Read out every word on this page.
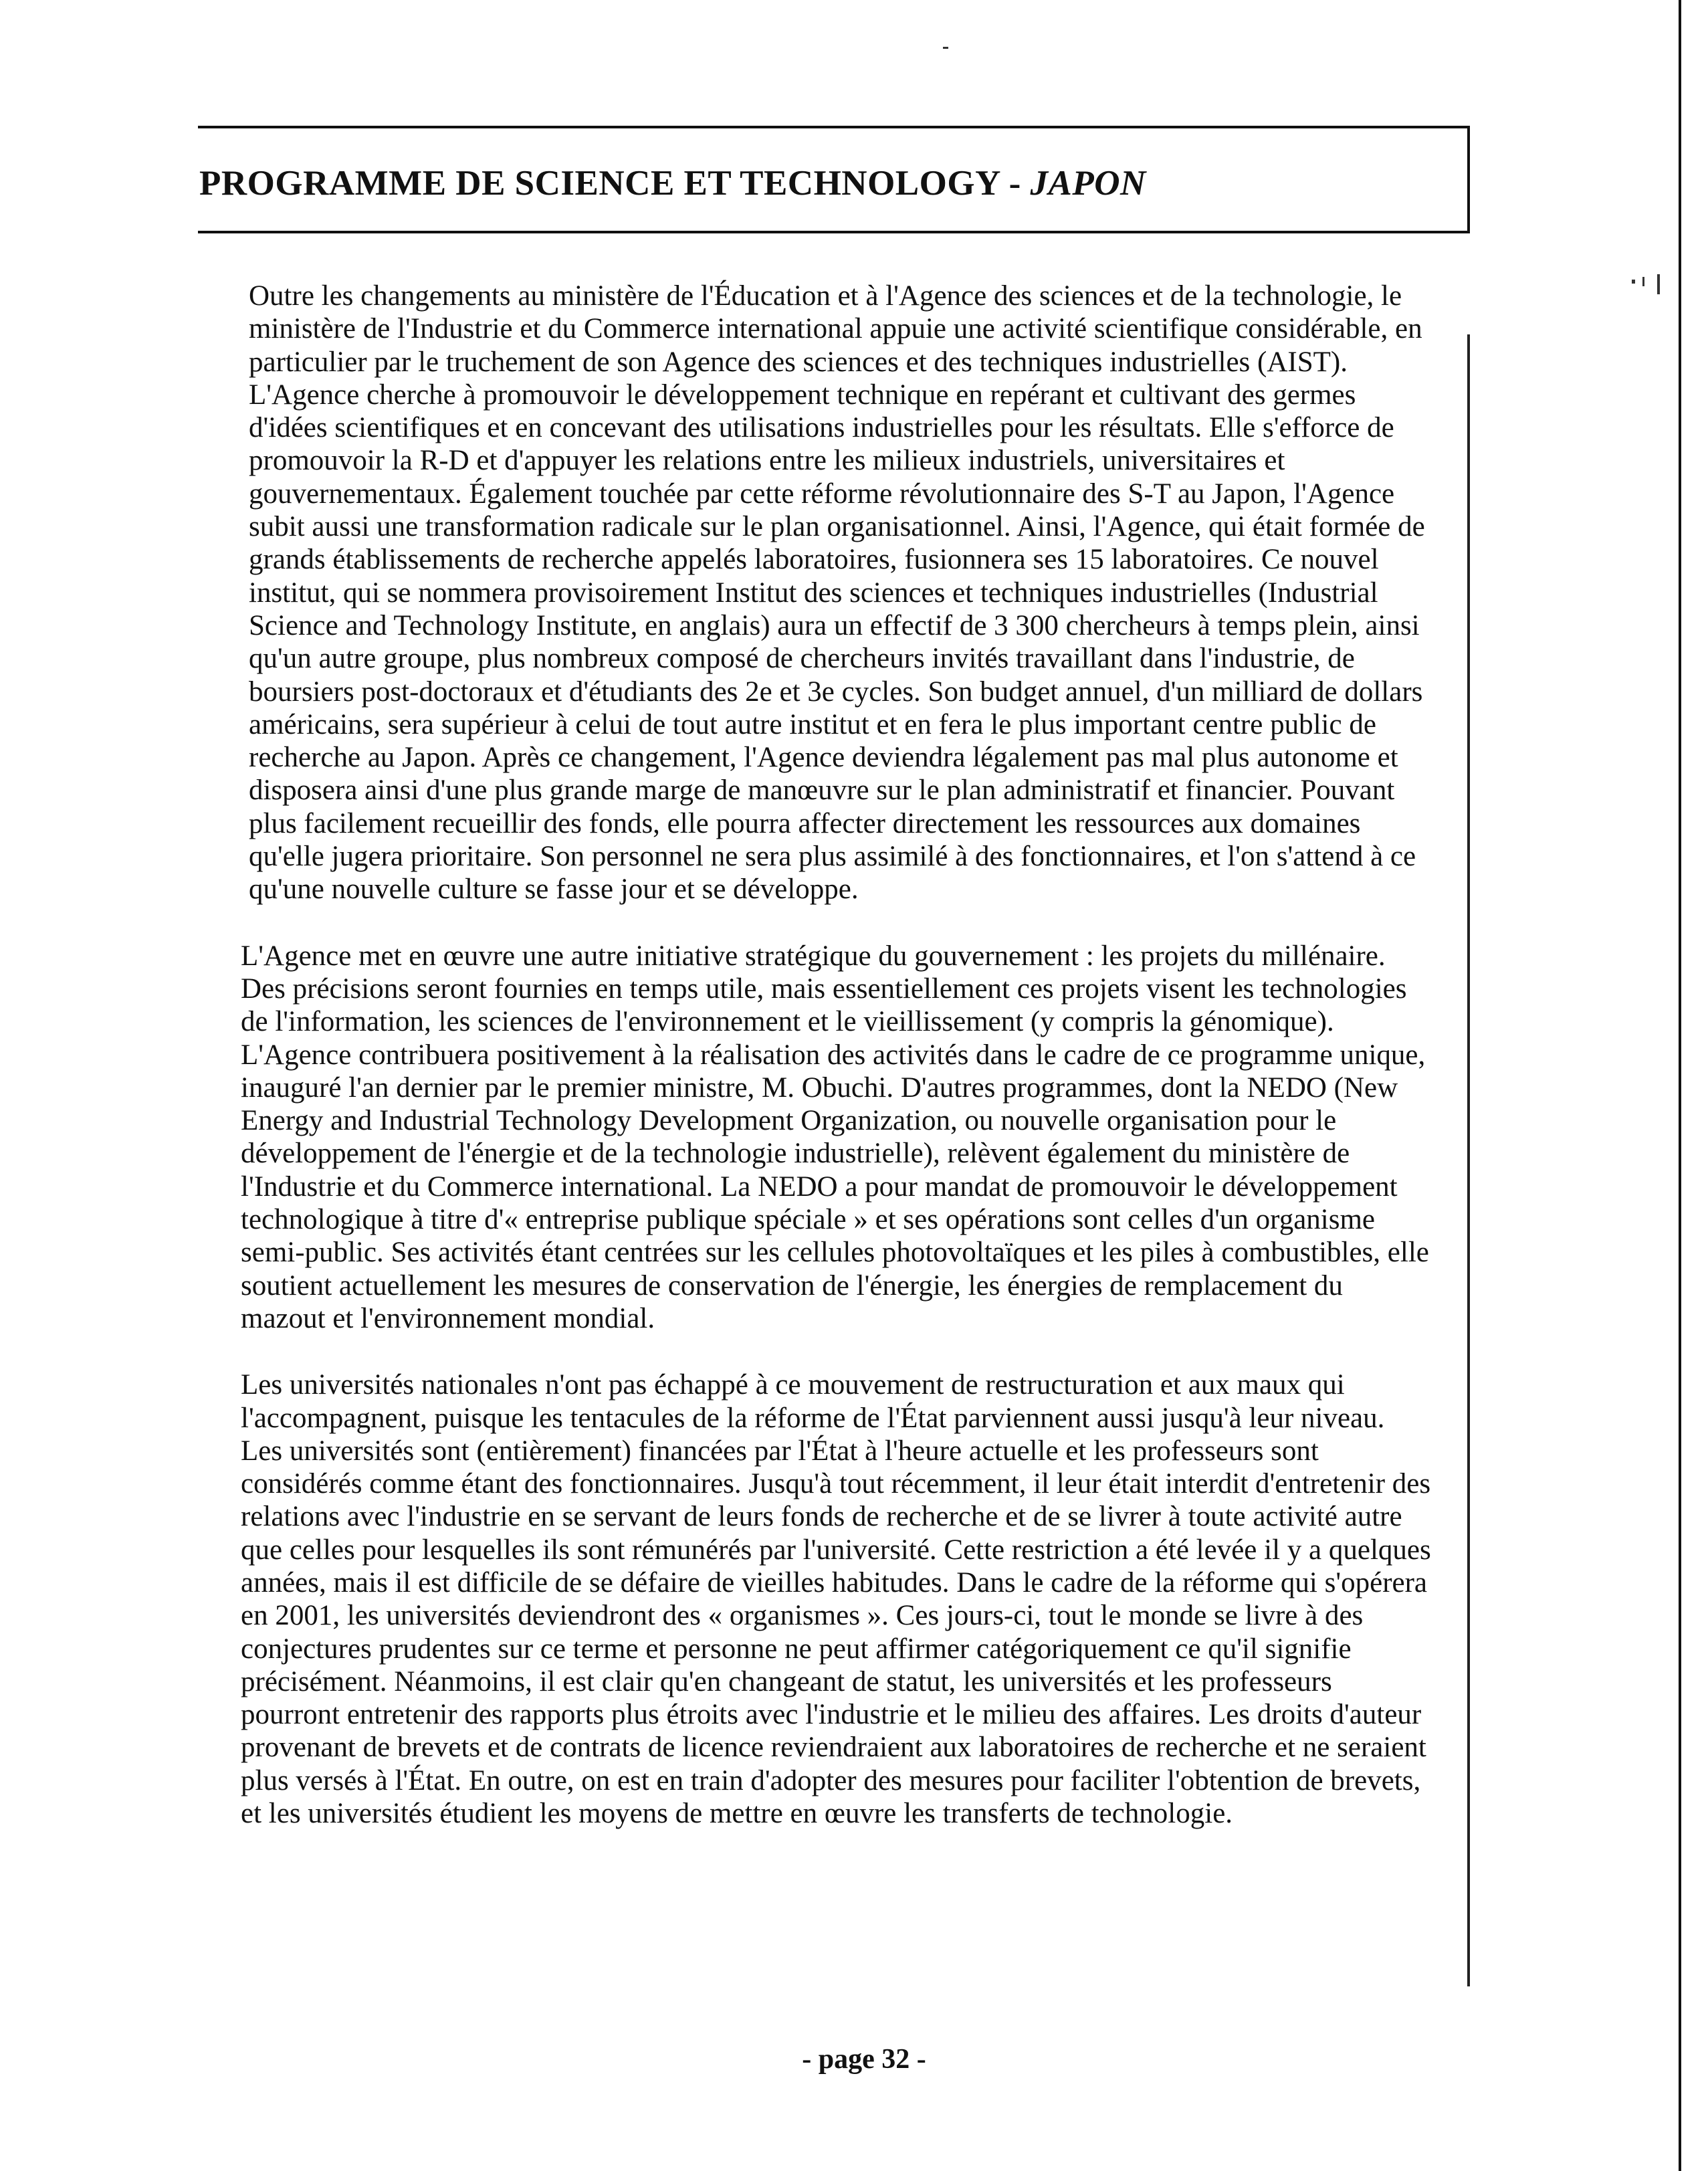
PROGRAMME DE SCIENCE ET TECHNOLOGY - JAPON

Outre les changements au ministère de l'Éducation et à l'Agence des sciences et de la technologie, le ministère de l'Industrie et du Commerce international appuie une activité scientifique considérable, en particulier par le truchement de son Agence des sciences et des techniques industrielles (AIST). L'Agence cherche à promouvoir le développement technique en repérant et cultivant des germes d'idées scientifiques et en concevant des utilisations industrielles pour les résultats. Elle s'efforce de promouvoir la R-D et d'appuyer les relations entre les milieux industriels, universitaires et gouvernementaux. Également touchée par cette réforme révolutionnaire des S-T au Japon, l'Agence subit aussi une transformation radicale sur le plan organisationnel. Ainsi, l'Agence, qui était formée de grands établissements de recherche appelés laboratoires, fusionnera ses 15 laboratoires. Ce nouvel institut, qui se nommera provisoirement Institut des sciences et techniques industrielles (Industrial Science and Technology Institute, en anglais) aura un effectif de 3 300 chercheurs à temps plein, ainsi qu'un autre groupe, plus nombreux composé de chercheurs invités travaillant dans l'industrie, de boursiers post-doctoraux et d'étudiants des 2e et 3e cycles. Son budget annuel, d'un milliard de dollars américains, sera supérieur à celui de tout autre institut et en fera le plus important centre public de recherche au Japon. Après ce changement, l'Agence deviendra légalement pas mal plus autonome et disposera ainsi d'une plus grande marge de manœuvre sur le plan administratif et financier. Pouvant plus facilement recueillir des fonds, elle pourra affecter directement les ressources aux domaines qu'elle jugera prioritaire. Son personnel ne sera plus assimilé à des fonctionnaires, et l'on s'attend à ce qu'une nouvelle culture se fasse jour et se développe.

L'Agence met en œuvre une autre initiative stratégique du gouvernement : les projets du millénaire. Des précisions seront fournies en temps utile, mais essentiellement ces projets visent les technologies de l'information, les sciences de l'environnement et le vieillissement (y compris la génomique). L'Agence contribuera positivement à la réalisation des activités dans le cadre de ce programme unique, inauguré l'an dernier par le premier ministre, M. Obuchi. D'autres programmes, dont la NEDO (New Energy and Industrial Technology Development Organization, ou nouvelle organisation pour le développement de l'énergie et de la technologie industrielle), relèvent également du ministère de l'Industrie et du Commerce international. La NEDO a pour mandat de promouvoir le développement technologique à titre d'« entreprise publique spéciale » et ses opérations sont celles d'un organisme semi-public. Ses activités étant centrées sur les cellules photovoltaïques et les piles à combustibles, elle soutient actuellement les mesures de conservation de l'énergie, les énergies de remplacement du mazout et l'environnement mondial.

Les universités nationales n'ont pas échappé à ce mouvement de restructuration et aux maux qui l'accompagnent, puisque les tentacules de la réforme de l'État parviennent aussi jusqu'à leur niveau. Les universités sont (entièrement) financées par l'État à l'heure actuelle et les professeurs sont considérés comme étant des fonctionnaires. Jusqu'à tout récemment, il leur était interdit d'entretenir des relations avec l'industrie en se servant de leurs fonds de recherche et de se livrer à toute activité autre que celles pour lesquelles ils sont rémunérés par l'université. Cette restriction a été levée il y a quelques années, mais il est difficile de se défaire de vieilles habitudes. Dans le cadre de la réforme qui s'opérera en 2001, les universités deviendront des « organismes ». Ces jours-ci, tout le monde se livre à des conjectures prudentes sur ce terme et personne ne peut affirmer catégoriquement ce qu'il signifie précisément. Néanmoins, il est clair qu'en changeant de statut, les universités et les professeurs pourront entretenir des rapports plus étroits avec l'industrie et le milieu des affaires. Les droits d'auteur provenant de brevets et de contrats de licence reviendraient aux laboratoires de recherche et ne seraient plus versés à l'État. En outre, on est en train d'adopter des mesures pour faciliter l'obtention de brevets, et les universités étudient les moyens de mettre en œuvre les transferts de technologie.

- page 32 -
